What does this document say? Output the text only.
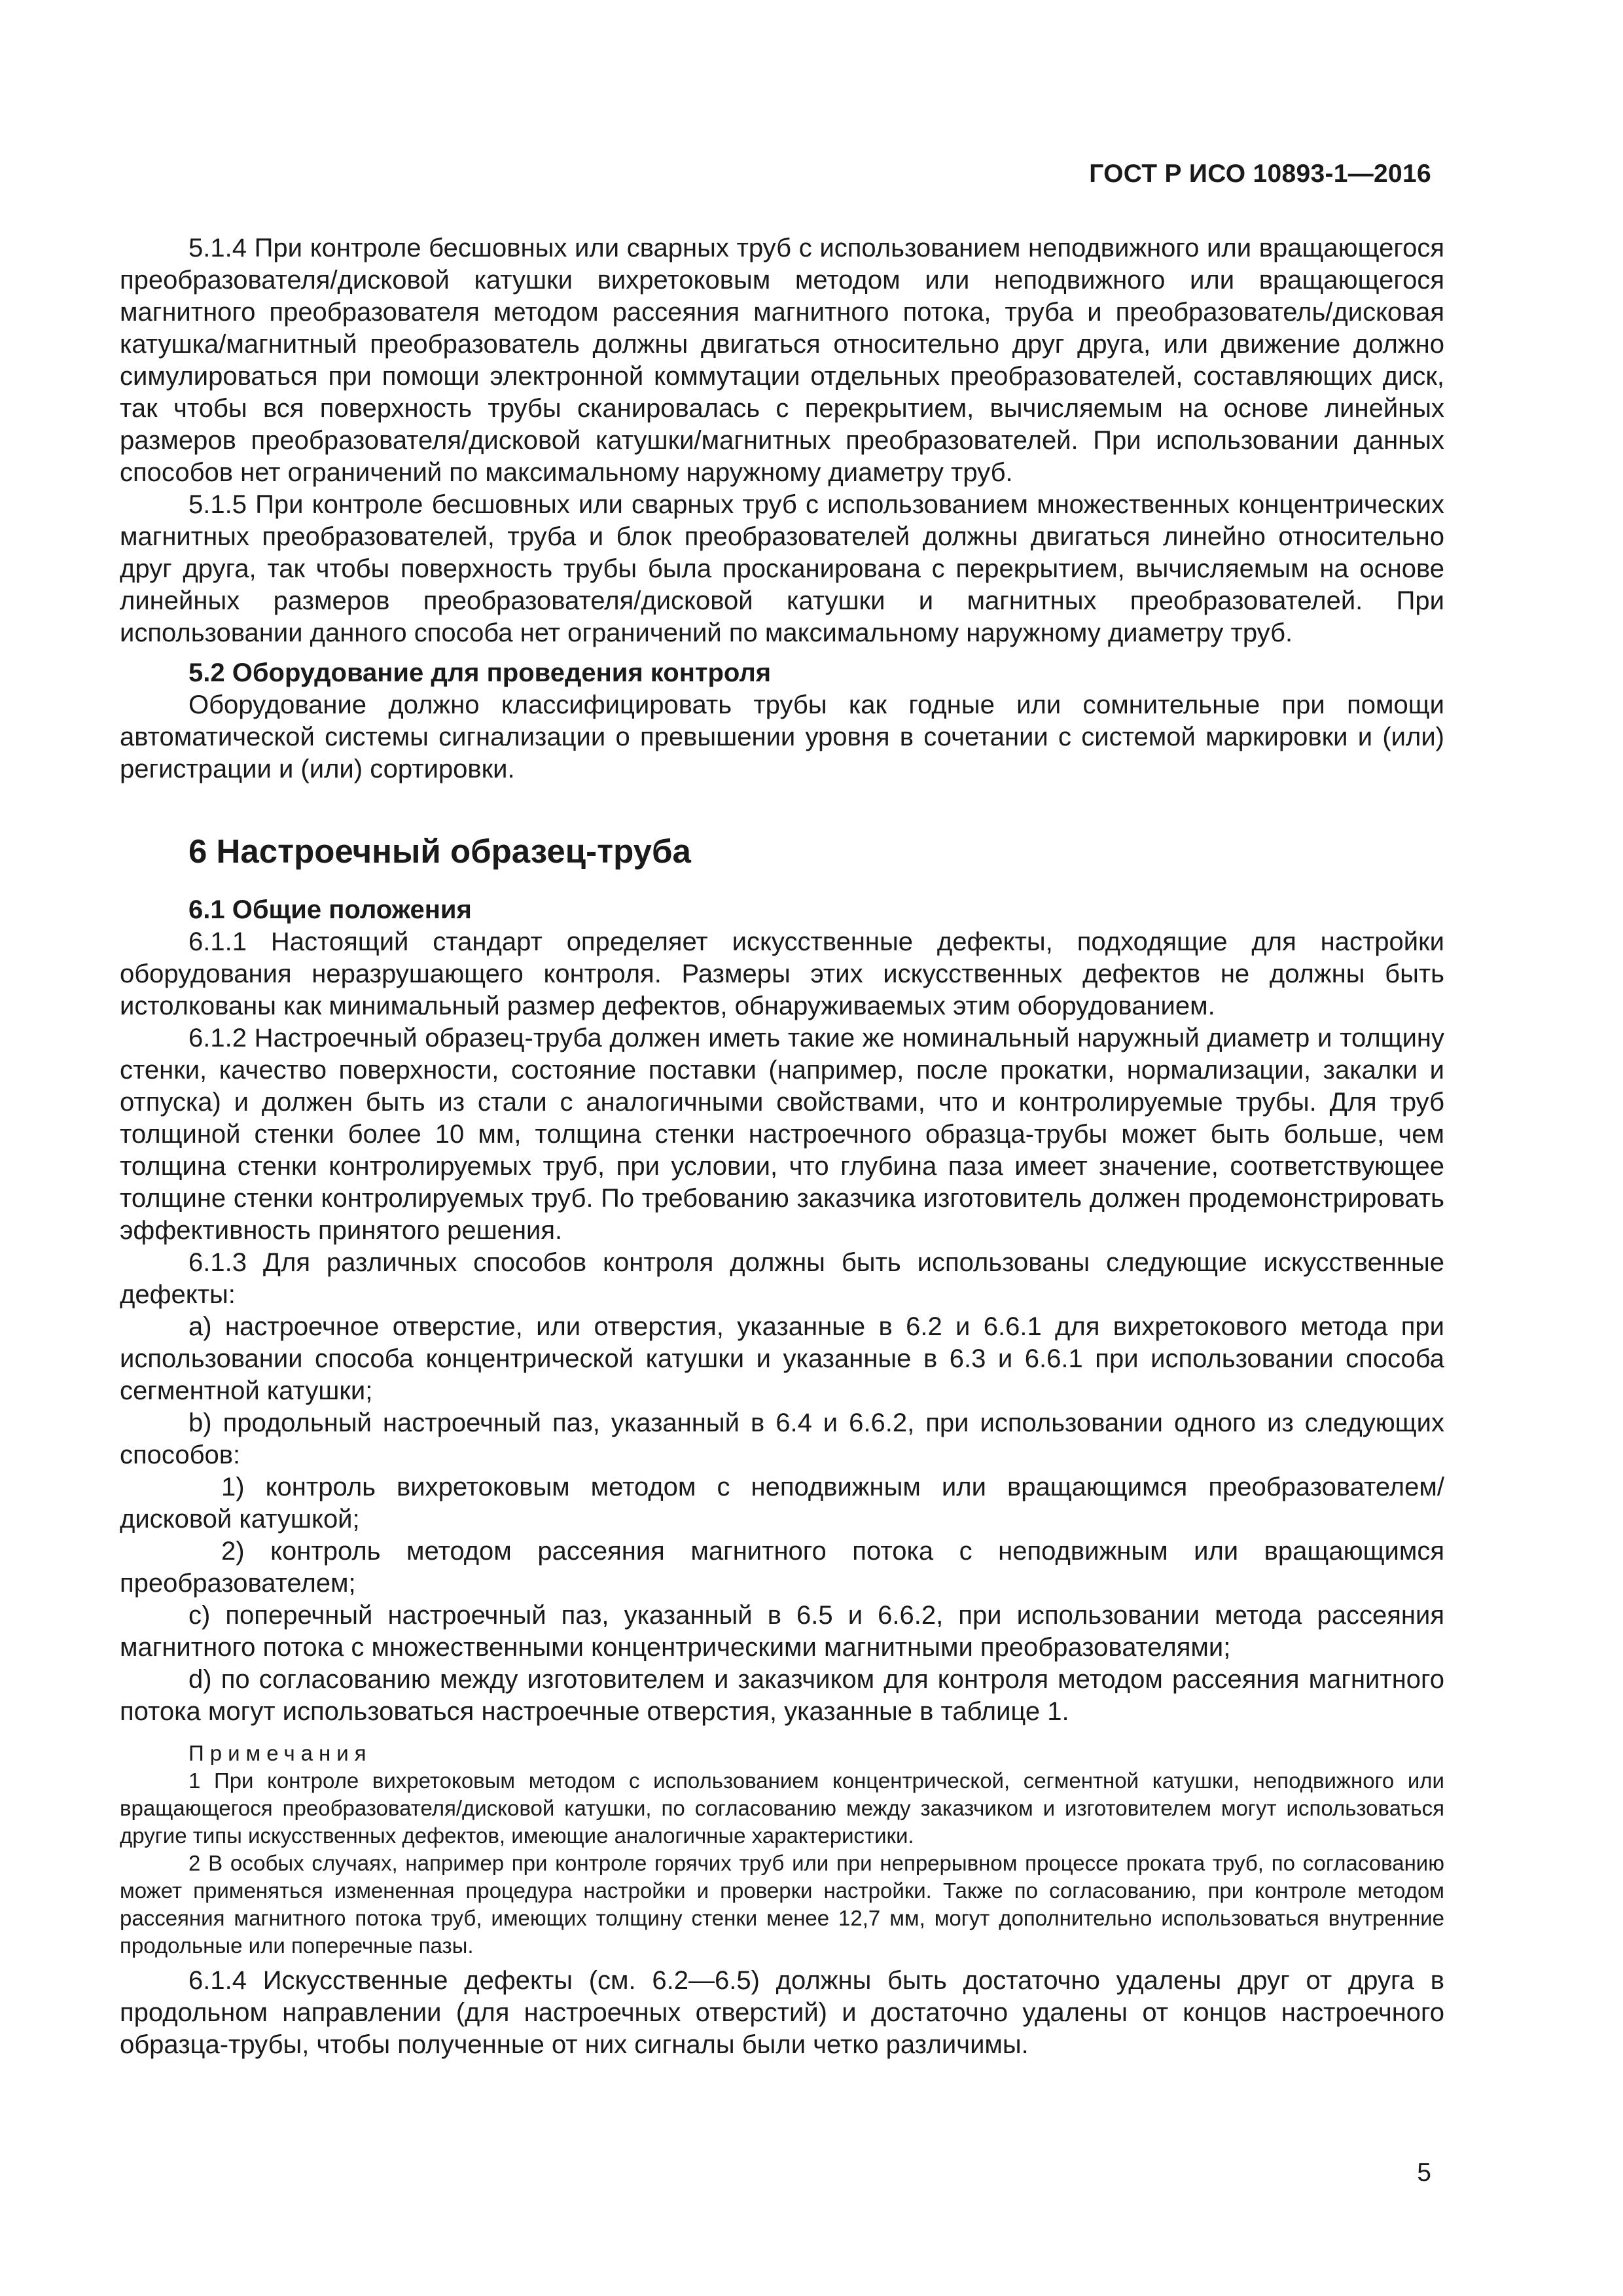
ГОСТ Р ИСО 10893-1—2016

5.1.4 При контроле бесшовных или сварных труб с использованием неподвижного или вращающегося преобразователя/дисковой катушки вихретоковым методом или неподвижного или вращающегося магнитного преобразователя методом рассеяния магнитного потока, труба и преобразователь/дисковая катушка/магнитный преобразователь должны двигаться относительно друг друга, или движение должно симулироваться при помощи электронной коммутации отдельных преобразователей, составляющих диск, так чтобы вся поверхность трубы сканировалась с перекрытием, вычисляемым на основе линейных размеров преобразователя/дисковой катушки/магнитных преобразователей. При использовании данных способов нет ограничений по максимальному наружному диаметру труб.

5.1.5 При контроле бесшовных или сварных труб с использованием множественных концентрических магнитных преобразователей, труба и блок преобразователей должны двигаться линейно относительно друг друга, так чтобы поверхность трубы была просканирована с перекрытием, вычисляемым на основе линейных размеров преобразователя/дисковой катушки и магнитных преобразователей. При использовании данного способа нет ограничений по максимальному наружному диаметру труб.

5.2 Оборудование для проведения контроля

Оборудование должно классифицировать трубы как годные или сомнительные при помощи автоматической системы сигнализации о превышении уровня в сочетании с системой маркировки и (или) регистрации и (или) сортировки.

6 Настроечный образец-труба
6.1 Общие положения

6.1.1 Настоящий стандарт определяет искусственные дефекты, подходящие для настройки оборудования неразрушающего контроля. Размеры этих искусственных дефектов не должны быть истолкованы как минимальный размер дефектов, обнаруживаемых этим оборудованием.

6.1.2 Настроечный образец-труба должен иметь такие же номинальный наружный диаметр и толщину стенки, качество поверхности, состояние поставки (например, после прокатки, нормализации, закалки и отпуска) и должен быть из стали с аналогичными свойствами, что и контролируемые трубы. Для труб толщиной стенки более 10 мм, толщина стенки настроечного образца-трубы может быть больше, чем толщина стенки контролируемых труб, при условии, что глубина паза имеет значение, соответствующее толщине стенки контролируемых труб. По требованию заказчика изготовитель должен продемонстрировать эффективность принятого решения.

6.1.3 Для различных способов контроля должны быть использованы следующие искусственные дефекты:

a) настроечное отверстие, или отверстия, указанные в 6.2 и 6.6.1 для вихретокового метода при использовании способа концентрической катушки и указанные в 6.3 и 6.6.1 при использовании способа сегментной катушки;

b) продольный настроечный паз, указанный в 6.4 и 6.6.2, при использовании одного из следующих способов:

1) контроль вихретоковым методом с неподвижным или вращающимся преобразователем/дисковой катушкой;

2) контроль методом рассеяния магнитного потока с неподвижным или вращающимся преобразователем;

c) поперечный настроечный паз, указанный в 6.5 и 6.6.2, при использовании метода рассеяния магнитного потока с множественными концентрическими магнитными преобразователями;

d) по согласованию между изготовителем и заказчиком для контроля методом рассеяния магнитного потока могут использоваться настроечные отверстия, указанные в таблице 1.

Примечания
1 При контроле вихретоковым методом с использованием концентрической, сегментной катушки, неподвижного или вращающегося преобразователя/дисковой катушки, по согласованию между заказчиком и изготовителем могут использоваться другие типы искусственных дефектов, имеющие аналогичные характеристики.
2 В особых случаях, например при контроле горячих труб или при непрерывном процессе проката труб, по согласованию может применяться измененная процедура настройки и проверки настройки. Также по согласованию, при контроле методом рассеяния магнитного потока труб, имеющих толщину стенки менее 12,7 мм, могут дополнительно использоваться внутренние продольные или поперечные пазы.

6.1.4 Искусственные дефекты (см. 6.2—6.5) должны быть достаточно удалены друг от друга в продольном направлении (для настроечных отверстий) и достаточно удалены от концов настроечного образца-трубы, чтобы полученные от них сигналы были четко различимы.

5
